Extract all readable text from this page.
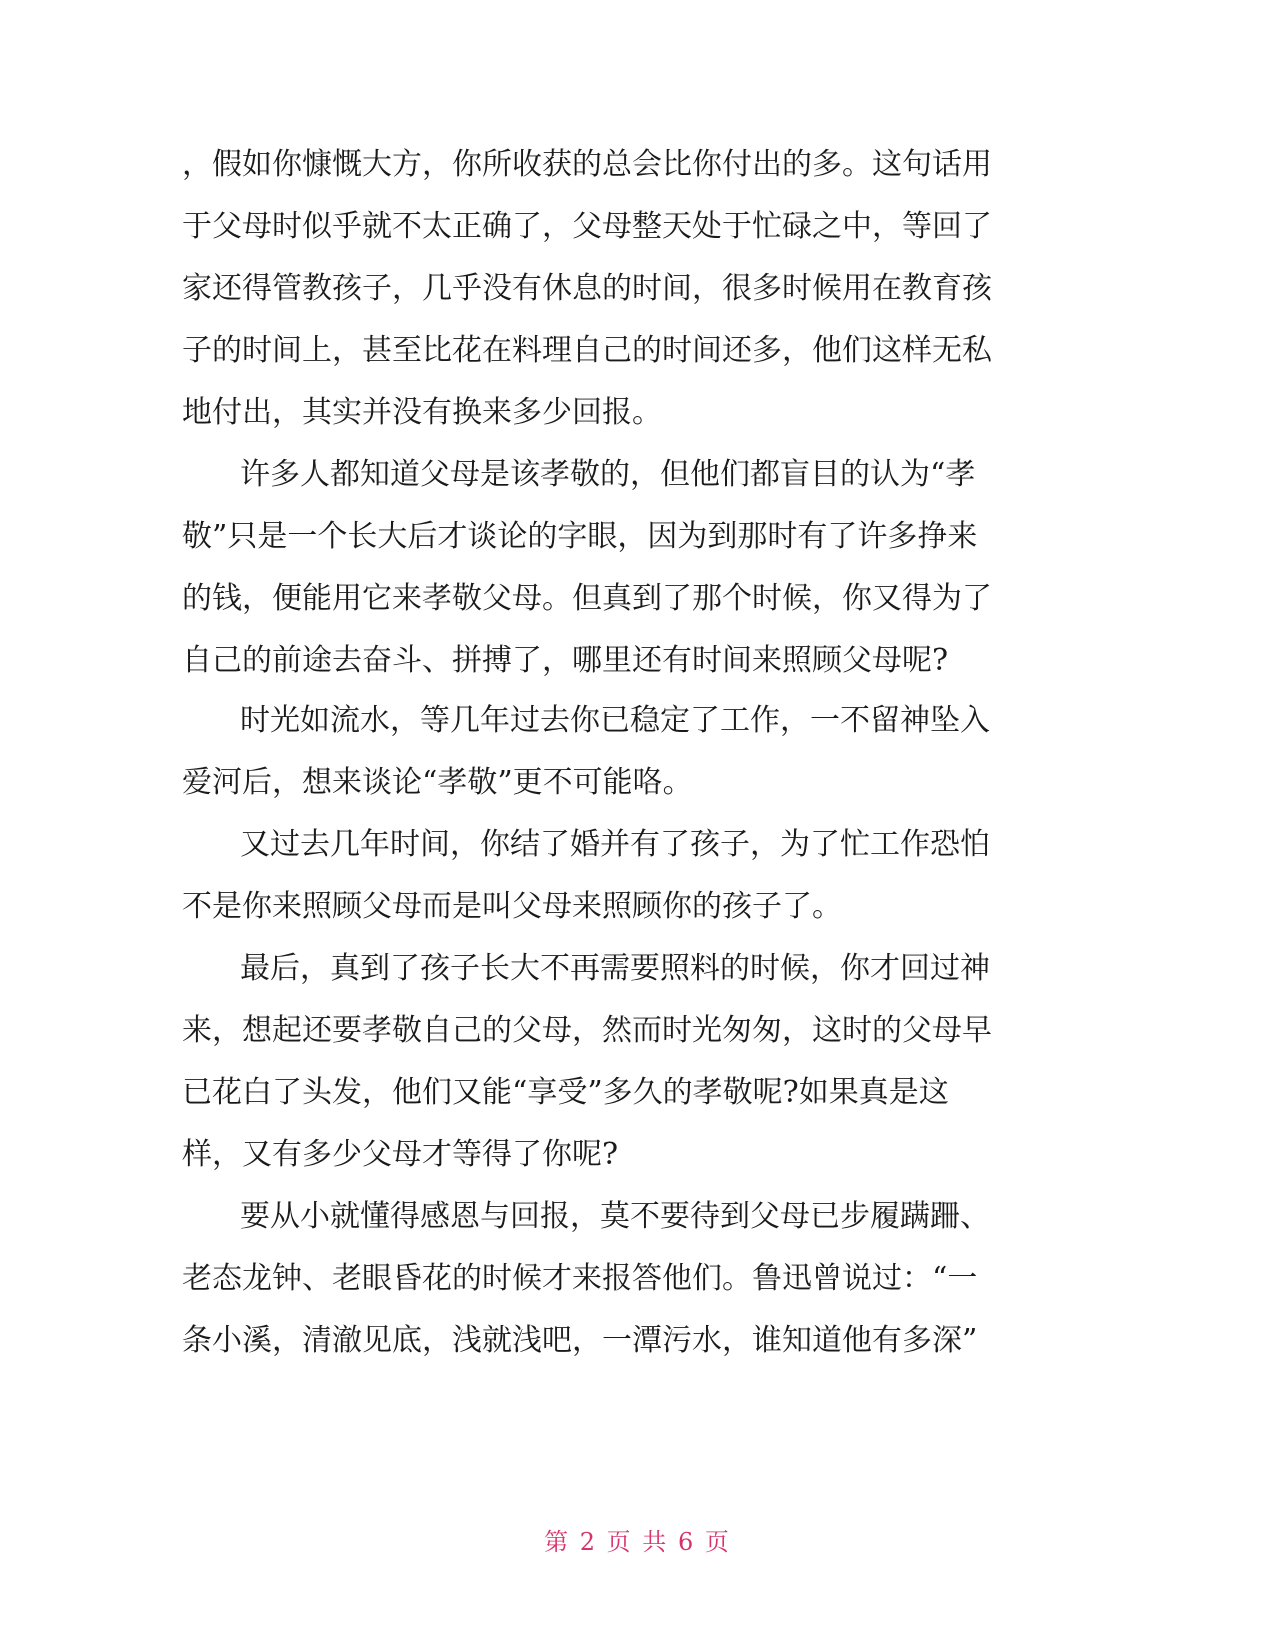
，假如你慷慨大方，你所收获的总会比你付出的多。这句话用
于父母时似乎就不太正确了，父母整天处于忙碌之中，等回了
家还得管教孩子，几乎没有休息的时间，很多时候用在教育孩
子的时间上，甚至比花在料理自己的时间还多，他们这样无私
地付出，其实并没有换来多少回报。
许多人都知道父母是该孝敬的，但他们都盲目的认为“孝
敬”只是一个长大后才谈论的字眼，因为到那时有了许多挣来
的钱，便能用它来孝敬父母。但真到了那个时候，你又得为了
自己的前途去奋斗、拼搏了，哪里还有时间来照顾父母呢?
时光如流水，等几年过去你已稳定了工作，一不留神坠入
爱河后，想来谈论“孝敬”更不可能咯。
又过去几年时间，你结了婚并有了孩子，为了忙工作恐怕
不是你来照顾父母而是叫父母来照顾你的孩子了。
最后，真到了孩子长大不再需要照料的时候，你才回过神
来，想起还要孝敬自己的父母，然而时光匆匆，这时的父母早
已花白了头发，他们又能“享受”多久的孝敬呢?如果真是这
样，又有多少父母才等得了你呢?
要从小就懂得感恩与回报，莫不要待到父母已步履蹒跚、
老态龙钟、老眼昏花的时候才来报答他们。鲁迅曾说过：“一
条小溪，清澈见底，浅就浅吧，一潭污水，谁知道他有多深”
第 2 页 共 6 页
